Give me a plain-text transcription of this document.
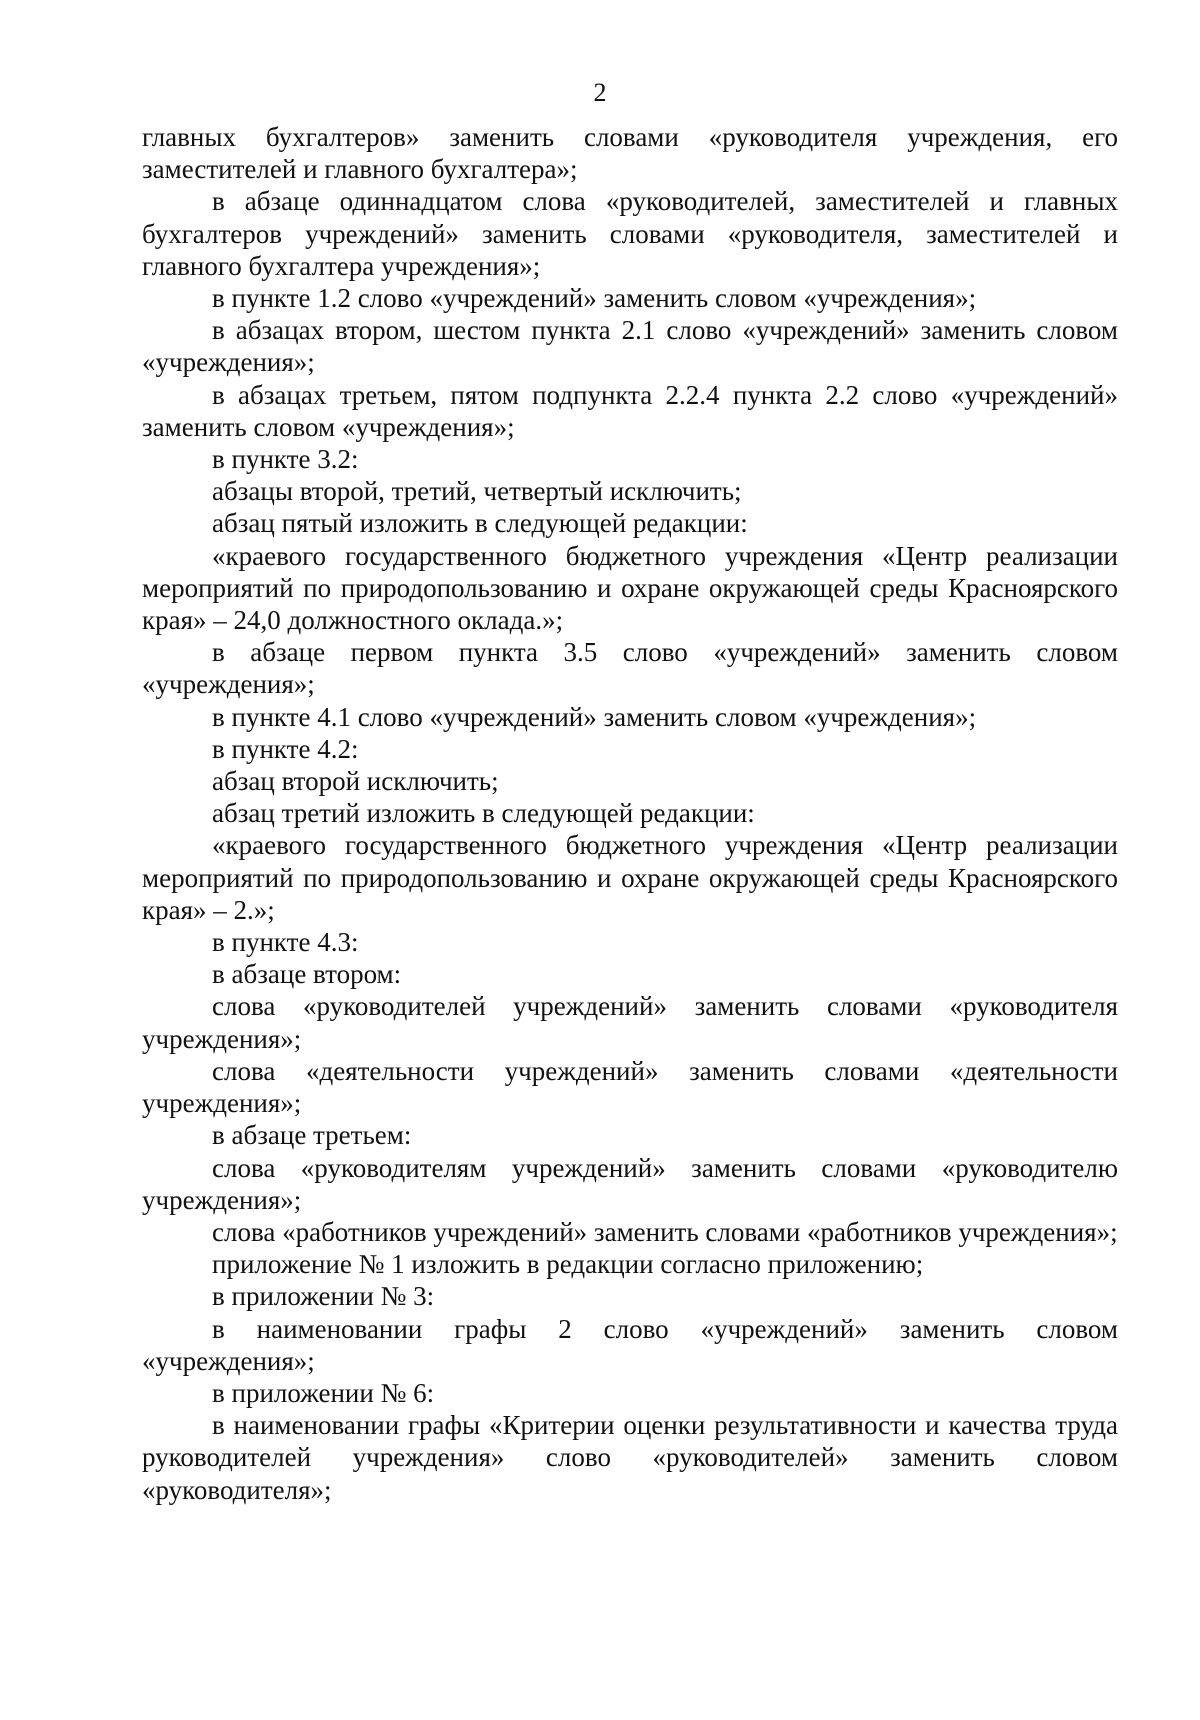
2

главных бухгалтеров» заменить словами «руководителя учреждения, его заместителей и главного бухгалтера»;

в абзаце одиннадцатом слова «руководителей, заместителей и главных бухгалтеров учреждений» заменить словами «руководителя, заместителей и главного бухгалтера учреждения»;

в пункте 1.2 слово «учреждений» заменить словом «учреждения»;

в абзацах втором, шестом пункта 2.1 слово «учреждений» заменить словом «учреждения»;

в абзацах третьем, пятом подпункта 2.2.4 пункта 2.2 слово «учреждений» заменить словом «учреждения»;

в пункте 3.2:

абзацы второй, третий, четвертый исключить;

абзац пятый изложить в следующей редакции:

«краевого государственного бюджетного учреждения «Центр реализации мероприятий по природопользованию и охране окружающей среды Красноярского края» – 24,0 должностного оклада.»;

в абзаце первом пункта 3.5 слово «учреждений» заменить словом «учреждения»;

в пункте 4.1 слово «учреждений» заменить словом «учреждения»;

в пункте 4.2:

абзац второй исключить;

абзац третий изложить в следующей редакции:

«краевого государственного бюджетного учреждения «Центр реализации мероприятий по природопользованию и охране окружающей среды Красноярского края» – 2.»;

в пункте 4.3:

в абзаце втором:

слова «руководителей учреждений» заменить словами «руководителя учреждения»;

слова «деятельности учреждений» заменить словами «деятельности учреждения»;

в абзаце третьем:

слова «руководителям учреждений» заменить словами «руководителю учреждения»;

слова «работников учреждений» заменить словами «работников учреждения»;

приложение № 1 изложить в редакции согласно приложению;

в приложении № 3:

в наименовании графы 2 слово «учреждений» заменить словом «учреждения»;

в приложении № 6:

в наименовании графы «Критерии оценки результативности и качества труда руководителей учреждения» слово «руководителей» заменить словом «руководителя»;
